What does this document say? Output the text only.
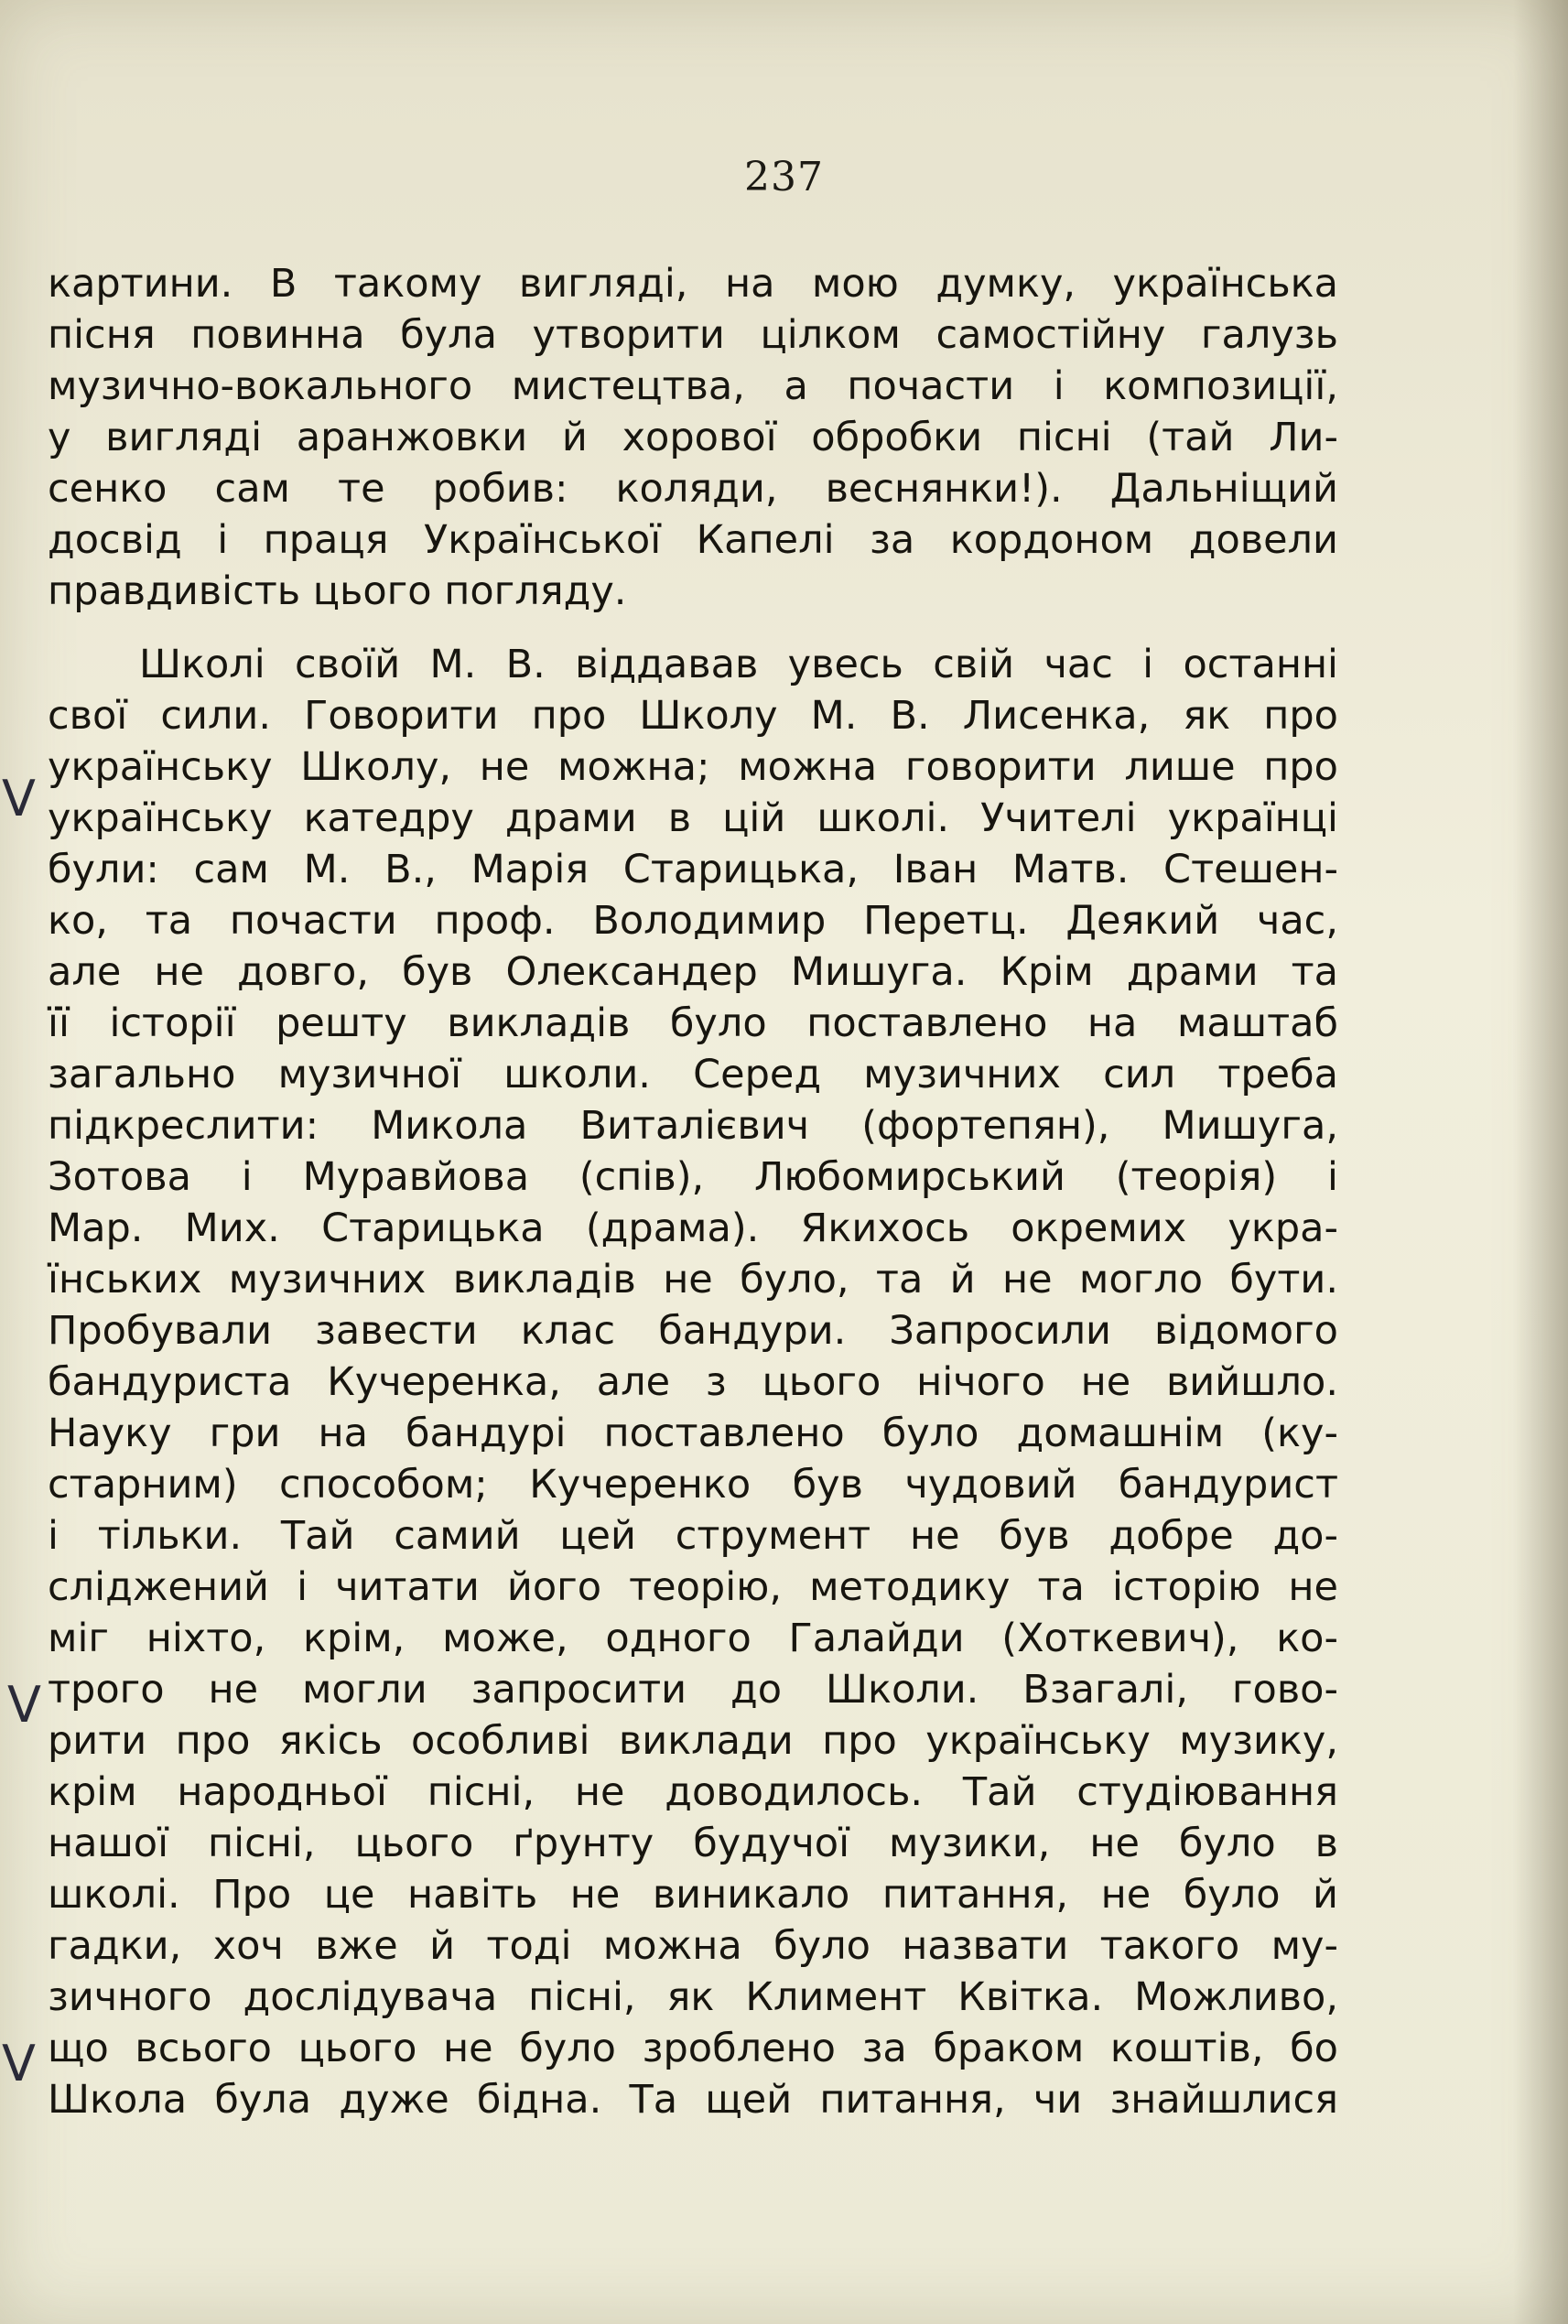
237
картини. В такому вигляді, на мою думку, українська
пісня повинна була утворити цілком самостійну галузь
музично-вокального мистецтва, а почасти і композиції,
у вигляді аранжовки й хорової обробки пісні (тай Ли-
сенко сам те робив: коляди, веснянки!). Дальніщий
досвід і праця Української Капелі за кордоном довели
правдивість цього погляду.
Школі своїй М. В. віддавав увесь свій час і останні
свої сили. Говорити про Школу М. В. Лисенка, як про
українську Школу, не можна; можна говорити лише про
українську катедру драми в цій школі. Учителі українці
були: сам М. В., Марія Старицька, Іван Матв. Стешен-
ко, та почасти проф. Володимир Перетц. Деякий час,
але не довго, був Олександер Мишуга. Крім драми та
її історії решту викладів було поставлено на маштаб
загально музичної школи. Серед музичних сил треба
підкреслити: Микола Виталієвич (фортепян), Мишуга,
Зотова і Муравйова (спів), Любомирський (теорія) і
Мар. Мих. Старицька (драма). Якихось окремих укра-
їнських музичних викладів не було, та й не могло бути.
Пробували завести клас бандури. Запросили відомого
бандуриста Кучеренка, але з цього нічого не вийшло.
Науку гри на бандурі поставлено було домашнім (ку-
старним) способом; Кучеренко був чудовий бандурист
і тільки. Тай самий цей струмент не був добре до-
сліджений і читати його теорію, методику та історію не
міг ніхто, крім, може, одного Галайди (Хоткевич), ко-
трого не могли запросити до Школи. Взагалі, гово-
рити про якісь особливі виклади про українську музику,
крім народньої пісні, не доводилось. Тай студіювання
нашої пісні, цього ґрунту будучої музики, не було в
школі. Про це навіть не виникало питання, не було й
гадки, хоч вже й тоді можна було назвати такого му-
зичного дослідувача пісні, як Климент Квітка. Можливо,
що всього цього не було зроблено за браком коштів, бо
Школа була дуже бідна. Та щей питання, чи знайшлися
V
V
V
